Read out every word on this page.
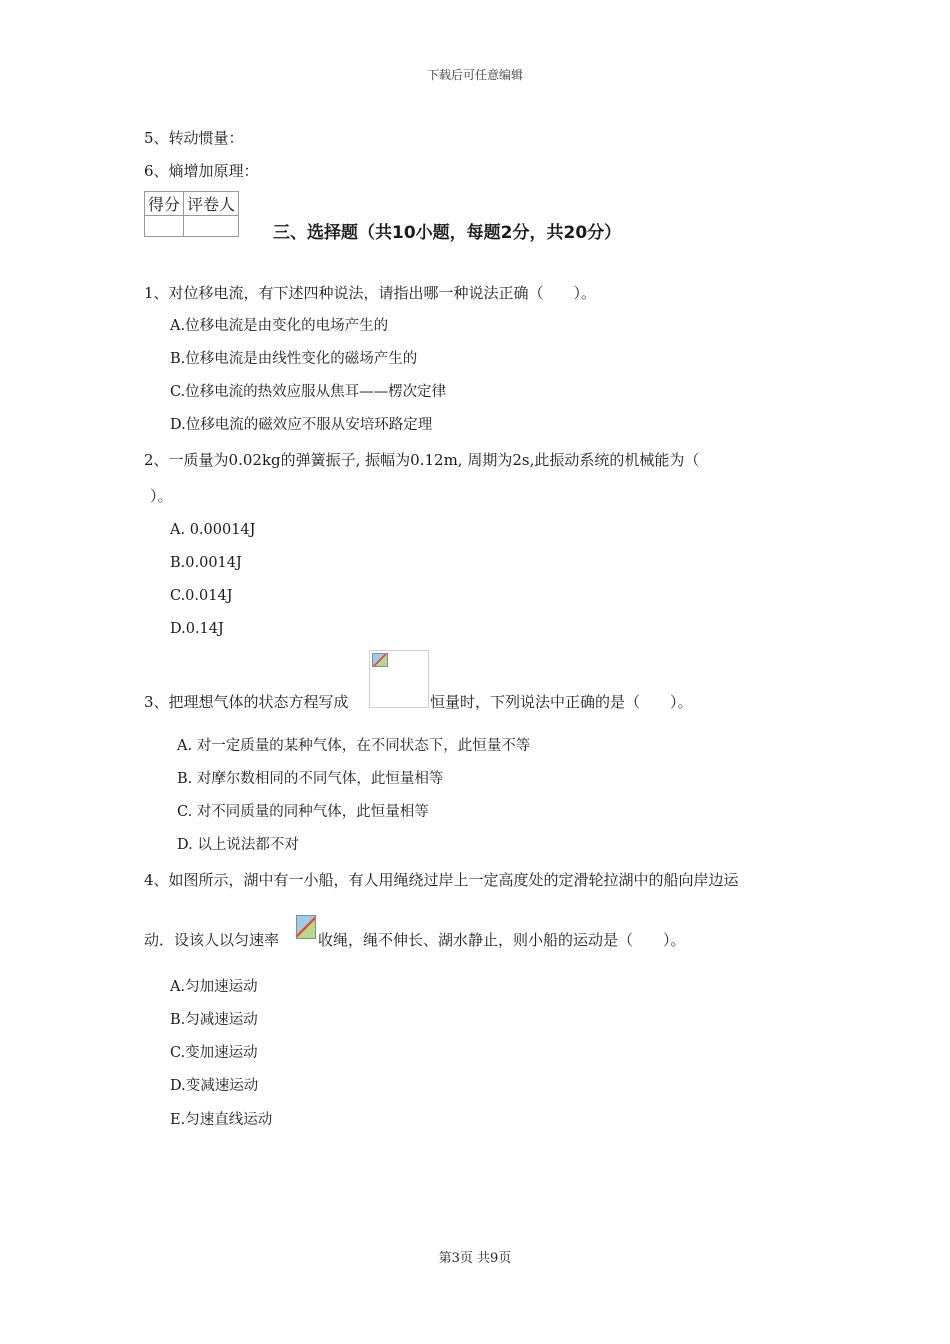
下载后可任意编辑
5、转动惯量：
6、熵增加原理：
得分	评卷人

三、选择题（共10小题，每题2分，共20分）
1、对位移电流，有下述四种说法，请指出哪一种说法正确（　　）。
A.位移电流是由变化的电场产生的
B.位移电流是由线性变化的磁场产生的
C.位移电流的热效应服从焦耳——楞次定律
D.位移电流的磁效应不服从安培环路定理
2、一质量为0.02kg的弹簧振子, 振幅为0.12m, 周期为2s,此振动系统的机械能为（
）。
A. 0.00014J
B.0.0014J
C.0.014J
D.0.14J
3、把理想气体的状态方程写成	恒量时，下列说法中正确的是（　　）。
A. 对一定质量的某种气体，在不同状态下，此恒量不等
B. 对摩尔数相同的不同气体，此恒量相等
C. 对不同质量的同种气体，此恒量相等
D. 以上说法都不对
4、如图所示，湖中有一小船，有人用绳绕过岸上一定高度处的定滑轮拉湖中的船向岸边运
动．设该人以匀速率	收绳，绳不伸长、湖水静止，则小船的运动是（　　）。
A.匀加速运动
B.匀减速运动
C.变加速运动
D.变减速运动
E.匀速直线运动
第3页 共9页
